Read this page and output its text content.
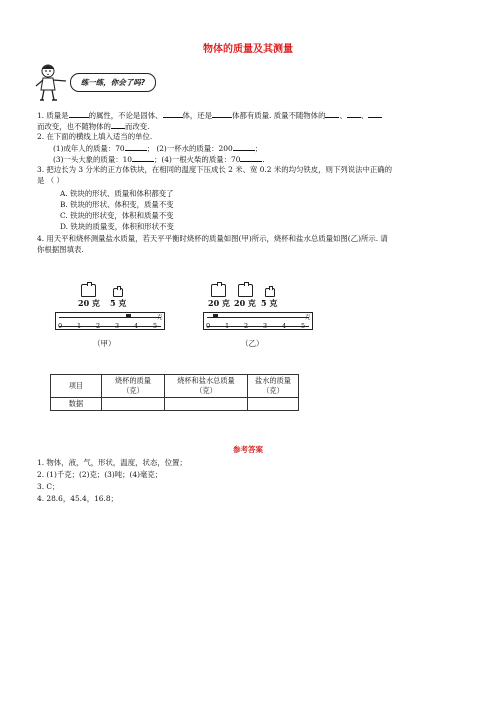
物体的质量及其测量
练一练，你会了吗?
1. 质量是	的属性，不论是固体、	体，还是	体都有质量. 质量不随物体的 、 、
而改变，也不随物体的 而改变.
2. 在下面的横线上填入适当的单位.
(1)成年人的质量：70	； (2)一杯水的质量：200	；
(3)一头大象的质量：10	；(4)一根火柴的质量：70	.
3. 把边长为 3 分米的正方体铁块，在相同的温度下压成长 2 米、宽 0.2 米的均匀铁皮，则下列说法中正确的
是 （ ）
A. 铁块的形状、质量和体积都变了
B. 铁块的形状、体积变，质量不变
C. 铁块的形状变，体积和质量不变
D. 铁块的质量变，体积和形状不变
4. 用天平和烧杯测量盐水质量，若天平平衡时烧杯的质量如图(甲)所示，烧杯和盐水总质量如图(乙)所示. 请
你根据图填表.
20 克 5 克
0 1 2 3 4 5
克
（甲）
20 克 20 克 5 克
0 1 2 3 4 5
克
（乙）
项目	烧杯的质量
（克）	烧杯和盐水总质量
（克）	盐水的质量
（克）
数据			
参考答案
1. 物体，液，气，形状，温度，状态，位置；
2. (1)千克；(2)克；(3)吨；(4)毫克；
3. C；
4. 28.6，45.4，16.8；
